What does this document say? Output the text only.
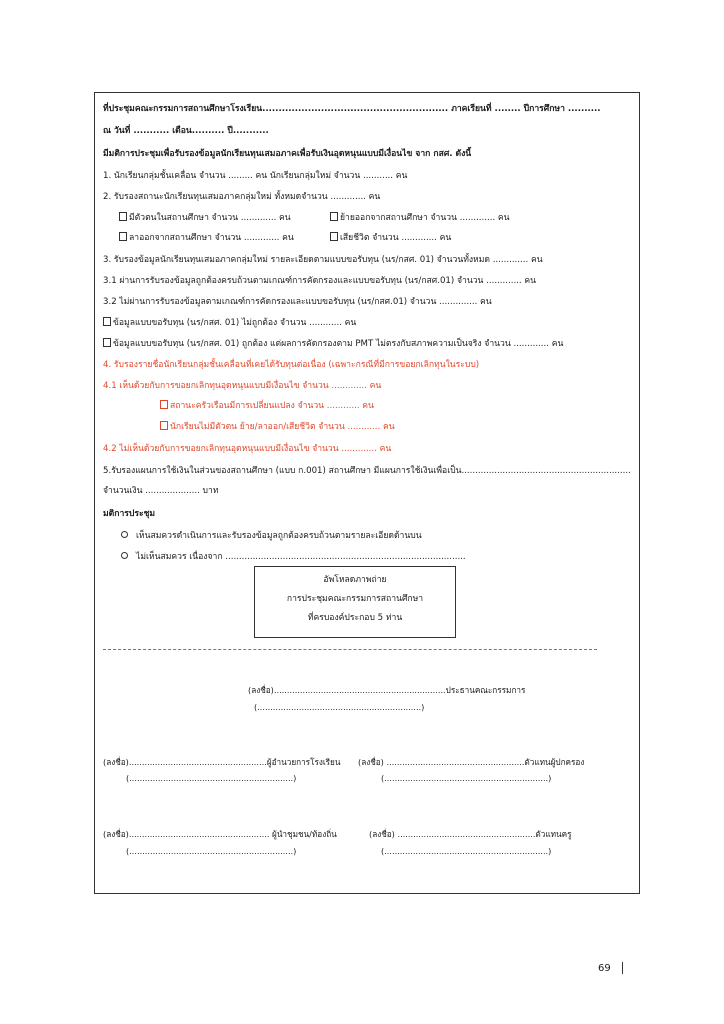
ที่ประชุมคณะกรรมการสถานศึกษาโรงเรียน......................................................... ภาคเรียนที่ ........ ปีการศึกษา ..........
ณ วันที่ ........... เดือน.......... ปี...........
มีมติการประชุมเพื่อรับรองข้อมูลนักเรียนทุนเสมอภาคเพื่อรับเงินอุดหนุนแบบมีเงื่อนไข จาก กสศ. ดังนี้
1. นักเรียนกลุ่มชั้นเคลื่อน จำนวน ......... คน นักเรียนกลุ่มใหม่ จำนวน ........... คน
2. รับรองสถานะนักเรียนทุนเสมอภาคกลุ่มใหม่ ทั้งหมดจำนวน ............. คน
มีตัวตนในสถานศึกษา จำนวน ............. คน	ย้ายออกจากสถานศึกษา จำนวน ............. คน
ลาออกจากสถานศึกษา จำนวน ............. คน	เสียชีวิต จำนวน ............. คน
3. รับรองข้อมูลนักเรียนทุนเสมอภาคกลุ่มใหม่ รายละเอียดตามแบบขอรับทุน (นร/กสศ. 01) จำนวนทั้งหมด ............. คน
3.1 ผ่านการรับรองข้อมูลถูกต้องครบถ้วนตามเกณฑ์การคัดกรองและแบบขอรับทุน (นร/กสศ.01) จำนวน ............. คน
3.2 ไม่ผ่านการรับรองข้อมูลตามเกณฑ์การคัดกรองและแบบขอรับทุน (นร/กสศ.01) จำนวน .............. คน
ข้อมูลแบบขอรับทุน (นร/กสศ. 01) ไม่ถูกต้อง จำนวน ............ คน
ข้อมูลแบบขอรับทุน (นร/กสศ. 01) ถูกต้อง แต่ผลการคัดกรองตาม PMT ไม่ตรงกับสภาพความเป็นจริง จำนวน ............. คน
4. รับรองรายชื่อนักเรียนกลุ่มชั้นเคลื่อนที่เคยได้รับทุนต่อเนื่อง (เฉพาะกรณีที่มีการขอยกเลิกทุนในระบบ)
4.1 เห็นด้วยกับการขอยกเลิกทุนอุดหนุนแบบมีเงื่อนไข จำนวน ............. คน
สถานะครัวเรือนมีการเปลี่ยนแปลง จำนวน ............ คน
นักเรียนไม่มีตัวตน ย้าย/ลาออก/เสียชีวิต จำนวน ............ คน
4.2 ไม่เห็นด้วยกับการขอยกเลิกทุนอุดหนุนแบบมีเงื่อนไข จำนวน ............. คน
5.รับรองแผนการใช้เงินในส่วนของสถานศึกษา (แบบ ก.001) สถานศึกษา มีแผนการใช้เงินเพื่อเป็น..............................................................
จำนวนเงิน .................... บาท
มติการประชุม
เห็นสมควรดำเนินการและรับรองข้อมูลถูกต้องครบถ้วนตามรายละเอียดด้านบน
ไม่เห็นสมควร เนื่องจาก ........................................................................................
อัพโหลดภาพถ่าย
การประชุมคณะกรรมการสถานศึกษา
ที่ครบองค์ประกอบ 5 ท่าน
(ลงชื่อ)..................................................................ประธานคณะกรรมการ
(...............................................................)
(ลงชื่อ).....................................................ผู้อำนวยการโรงเรียน
(...............................................................)
(ลงชื่อ) .....................................................ตัวแทนผู้ปกครอง
(...............................................................)
(ลงชื่อ)...................................................... ผู้นำชุมชน/ท้องถิ่น
(...............................................................)
(ลงชื่อ) .....................................................ตัวแทนครู
(...............................................................)
69
